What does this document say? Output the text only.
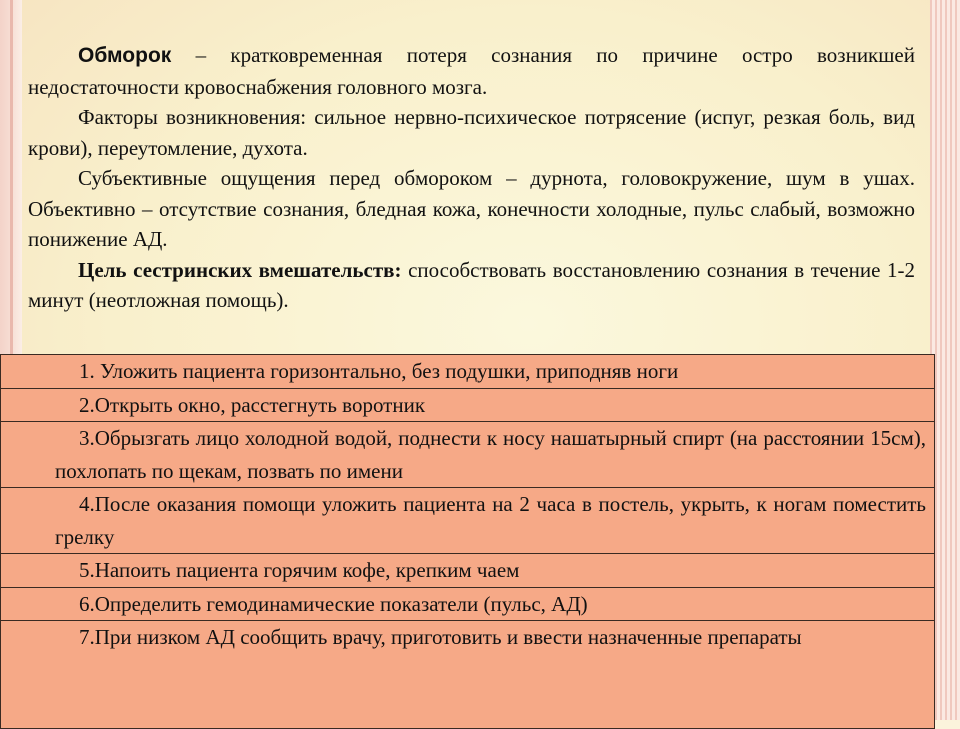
Обморок – кратковременная потеря сознания по причине остро возникшей недостаточности кровоснабжения головного мозга.

Факторы возникновения: сильное нервно-психическое потрясение (испуг, резкая боль, вид крови), переутомление, духота.

Субъективные ощущения перед обмороком – дурнота, головокружение, шум в ушах. Объективно – отсутствие сознания, бледная кожа, конечности холодные, пульс слабый, возможно понижение АД.

Цель сестринских вмешательств: способствовать восстановлению сознания в течение 1-2 минут (неотложная помощь).

1. Уложить пациента горизонтально, без подушки, приподняв ноги
2.Открыть окно, расстегнуть воротник
3.Обрызгать лицо холодной водой, поднести к носу нашатырный спирт (на расстоянии 15см), похлопать по щекам, позвать по имени
4.После оказания помощи уложить пациента на 2 часа в постель, укрыть, к ногам поместить грелку
5.Напоить пациента горячим кофе, крепким чаем
6.Определить гемодинамические показатели (пульс, АД)
7.При низком АД сообщить врачу, приготовить и ввести назначенные препараты
